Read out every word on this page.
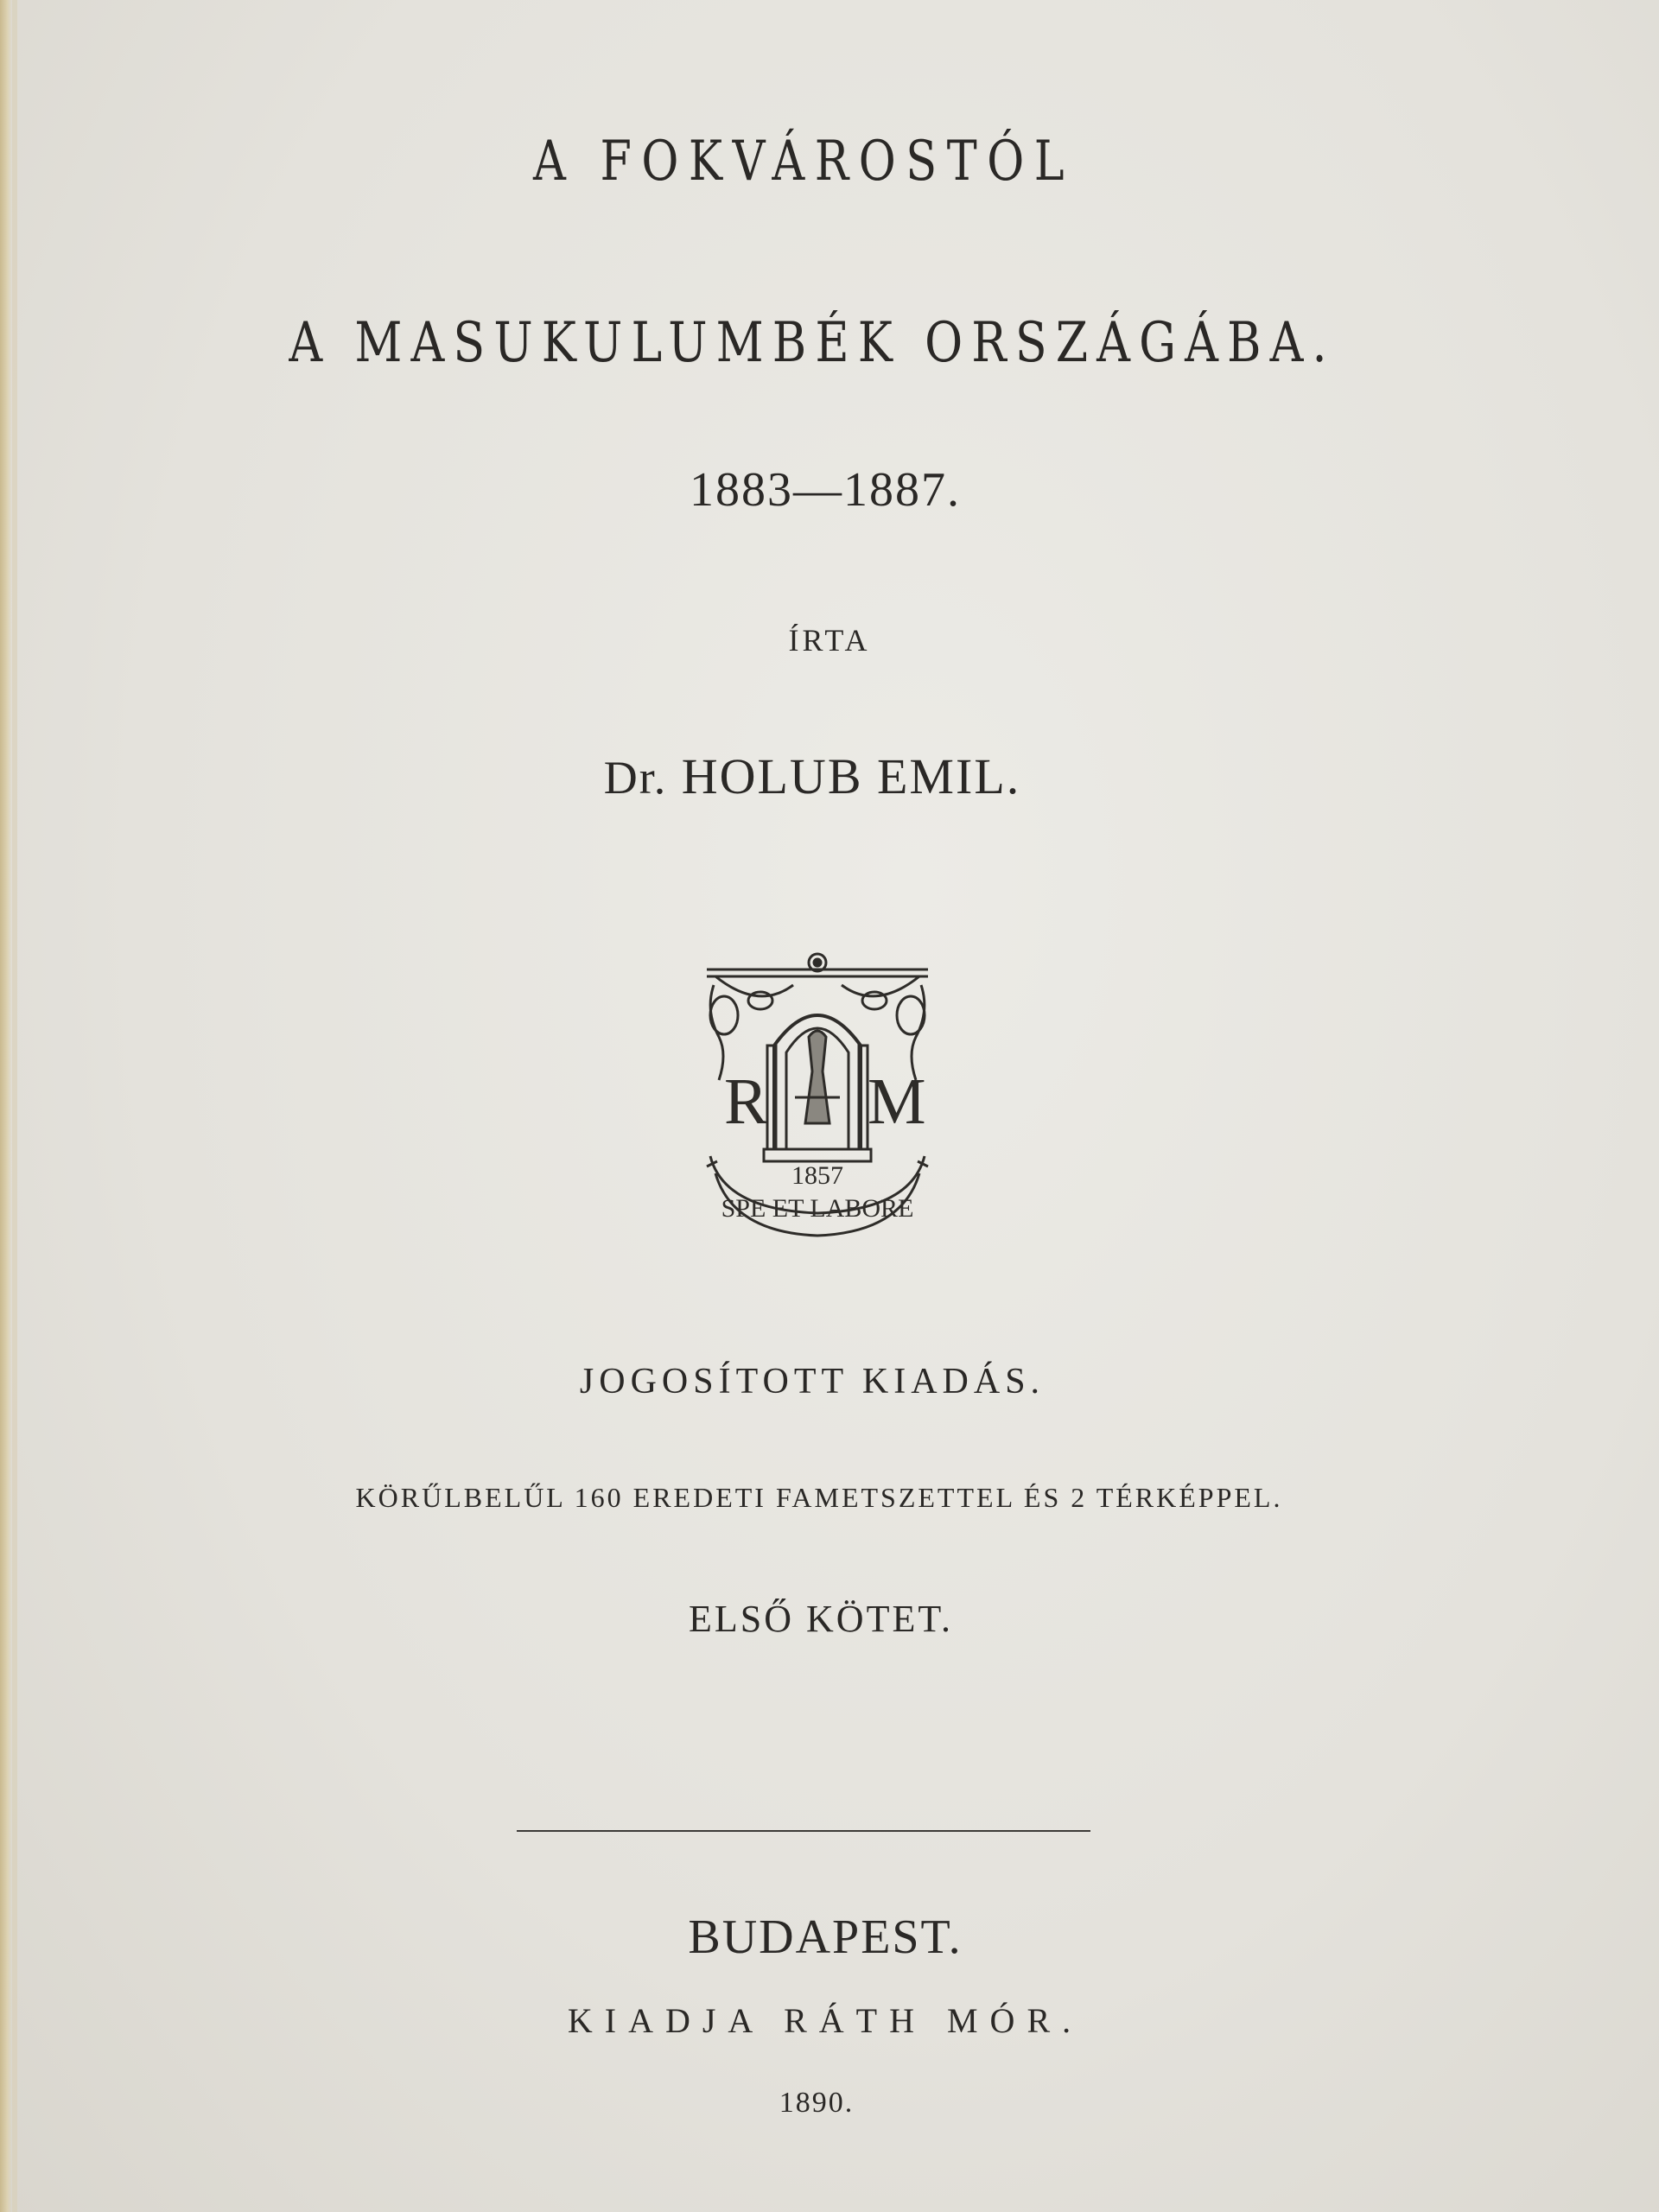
A FOKVÁROSTÓL
A MASUKULUMBÉK ORSZÁGÁBA.
1883—1887.
ÍRTA
Dr. HOLUB EMIL.
R M
1857
SPE ET LABORE
JOGOSÍTOTT KIADÁS.
KÖRŰLBELŰL 160 EREDETI FAMETSZETTEL ÉS 2 TÉRKÉPPEL.
ELSŐ KÖTET.
BUDAPEST.
KIADJA RÁTH MÓR.
1890.
